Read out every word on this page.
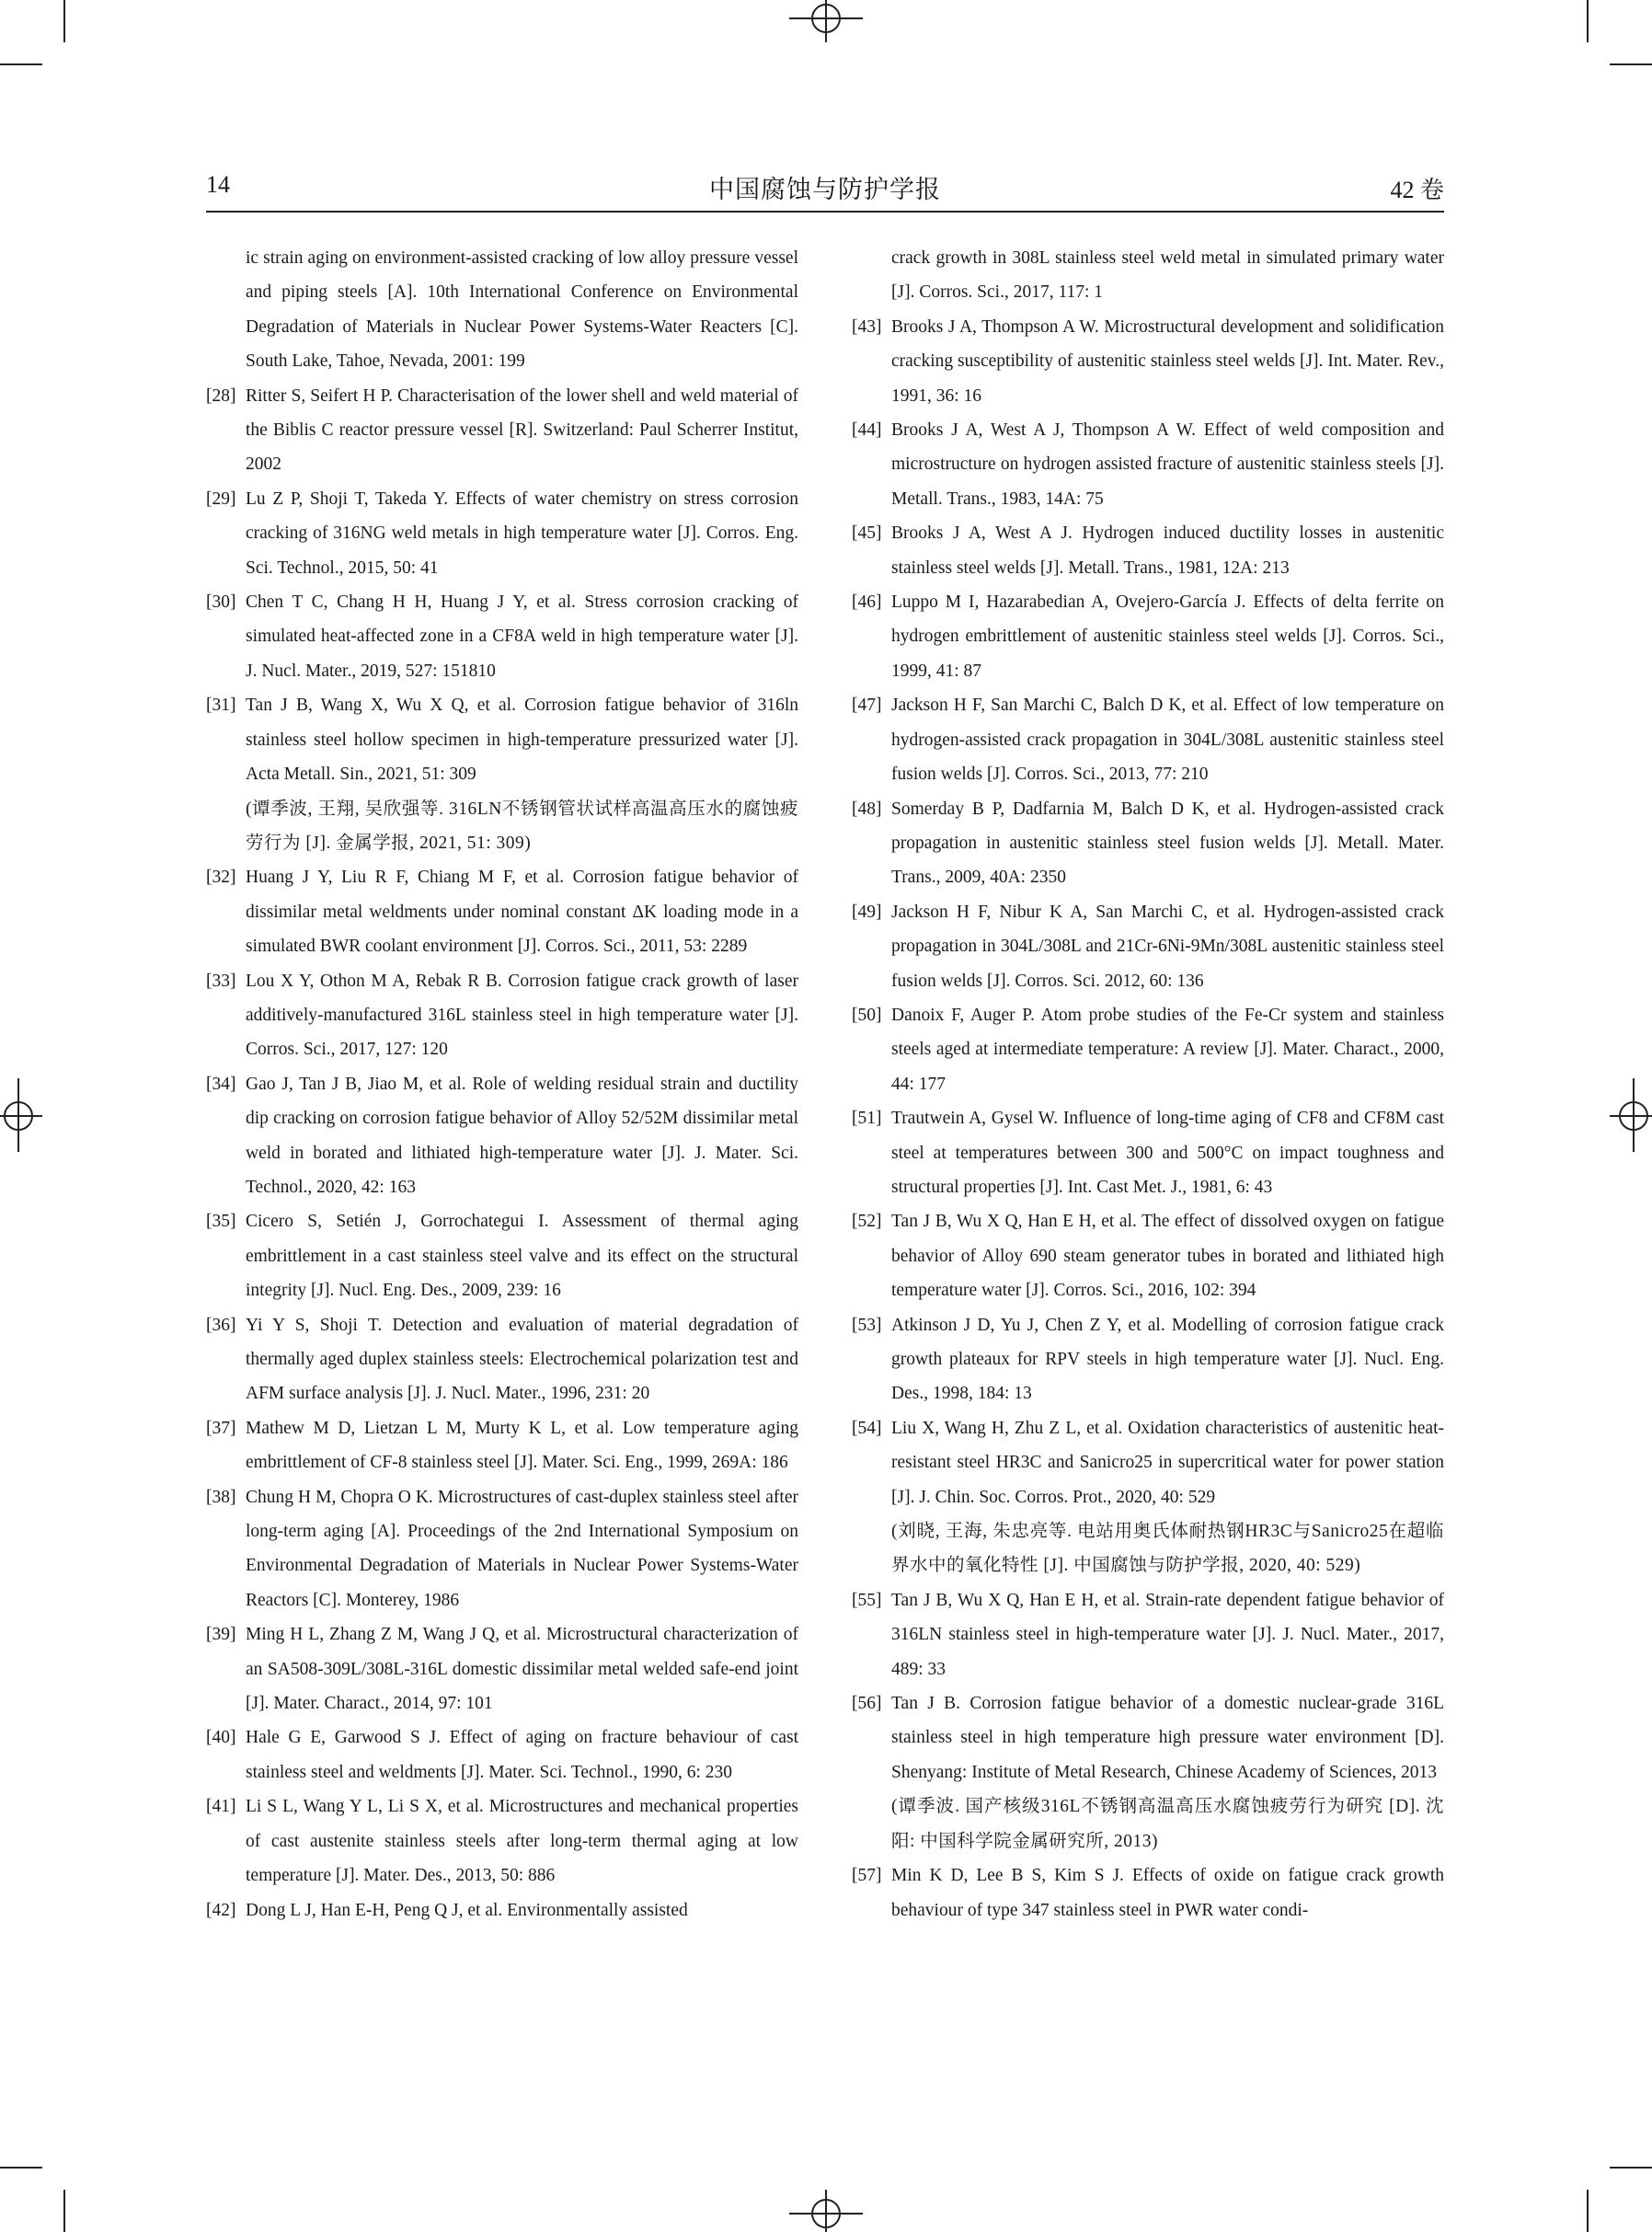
14	中国腐蚀与防护学报	42 卷
ic strain aging on environment-assisted cracking of low alloy pressure vessel and piping steels [A]. 10th International Conference on Environmental Degradation of Materials in Nuclear Power Systems-Water Reacters [C]. South Lake, Tahoe, Nevada, 2001: 199
[28] Ritter S, Seifert H P. Characterisation of the lower shell and weld material of the Biblis C reactor pressure vessel [R]. Switzerland: Paul Scherrer Institut, 2002
[29] Lu Z P, Shoji T, Takeda Y. Effects of water chemistry on stress corrosion cracking of 316NG weld metals in high temperature water [J]. Corros. Eng. Sci. Technol., 2015, 50: 41
[30] Chen T C, Chang H H, Huang J Y, et al. Stress corrosion cracking of simulated heat-affected zone in a CF8A weld in high temperature water [J]. J. Nucl. Mater., 2019, 527: 151810
[31] Tan J B, Wang X, Wu X Q, et al. Corrosion fatigue behavior of 316ln stainless steel hollow specimen in high-temperature pressurized water [J]. Acta Metall. Sin., 2021, 51: 309
(谭季波, 王翔, 吴欣强等. 316LN不锈钢管状试样高温高压水的腐蚀疲劳行为 [J]. 金属学报, 2021, 51: 309)
[32] Huang J Y, Liu R F, Chiang M F, et al. Corrosion fatigue behavior of dissimilar metal weldments under nominal constant ΔK loading mode in a simulated BWR coolant environment [J]. Corros. Sci., 2011, 53: 2289
[33] Lou X Y, Othon M A, Rebak R B. Corrosion fatigue crack growth of laser additively-manufactured 316L stainless steel in high temperature water [J]. Corros. Sci., 2017, 127: 120
[34] Gao J, Tan J B, Jiao M, et al. Role of welding residual strain and ductility dip cracking on corrosion fatigue behavior of Alloy 52/52M dissimilar metal weld in borated and lithiated high-temperature water [J]. J. Mater. Sci. Technol., 2020, 42: 163
[35] Cicero S, Setién J, Gorrochategui I. Assessment of thermal aging embrittlement in a cast stainless steel valve and its effect on the structural integrity [J]. Nucl. Eng. Des., 2009, 239: 16
[36] Yi Y S, Shoji T. Detection and evaluation of material degradation of thermally aged duplex stainless steels: Electrochemical polarization test and AFM surface analysis [J]. J. Nucl. Mater., 1996, 231: 20
[37] Mathew M D, Lietzan L M, Murty K L, et al. Low temperature aging embrittlement of CF-8 stainless steel [J]. Mater. Sci. Eng., 1999, 269A: 186
[38] Chung H M, Chopra O K. Microstructures of cast-duplex stainless steel after long-term aging [A]. Proceedings of the 2nd International Symposium on Environmental Degradation of Materials in Nuclear Power Systems-Water Reactors [C]. Monterey, 1986
[39] Ming H L, Zhang Z M, Wang J Q, et al. Microstructural characterization of an SA508-309L/308L-316L domestic dissimilar metal welded safe-end joint [J]. Mater. Charact., 2014, 97: 101
[40] Hale G E, Garwood S J. Effect of aging on fracture behaviour of cast stainless steel and weldments [J]. Mater. Sci. Technol., 1990, 6: 230
[41] Li S L, Wang Y L, Li S X, et al. Microstructures and mechanical properties of cast austenite stainless steels after long-term thermal aging at low temperature [J]. Mater. Des., 2013, 50: 886
[42] Dong L J, Han E-H, Peng Q J, et al. Environmentally assisted
crack growth in 308L stainless steel weld metal in simulated primary water [J]. Corros. Sci., 2017, 117: 1
[43] Brooks J A, Thompson A W. Microstructural development and solidification cracking susceptibility of austenitic stainless steel welds [J]. Int. Mater. Rev., 1991, 36: 16
[44] Brooks J A, West A J, Thompson A W. Effect of weld composition and microstructure on hydrogen assisted fracture of austenitic stainless steels [J]. Metall. Trans., 1983, 14A: 75
[45] Brooks J A, West A J. Hydrogen induced ductility losses in austenitic stainless steel welds [J]. Metall. Trans., 1981, 12A: 213
[46] Luppo M I, Hazarabedian A, Ovejero-García J. Effects of delta ferrite on hydrogen embrittlement of austenitic stainless steel welds [J]. Corros. Sci., 1999, 41: 87
[47] Jackson H F, San Marchi C, Balch D K, et al. Effect of low temperature on hydrogen-assisted crack propagation in 304L/308L austenitic stainless steel fusion welds [J]. Corros. Sci., 2013, 77: 210
[48] Somerday B P, Dadfarnia M, Balch D K, et al. Hydrogen-assisted crack propagation in austenitic stainless steel fusion welds [J]. Metall. Mater. Trans., 2009, 40A: 2350
[49] Jackson H F, Nibur K A, San Marchi C, et al. Hydrogen-assisted crack propagation in 304L/308L and 21Cr-6Ni-9Mn/308L austenitic stainless steel fusion welds [J]. Corros. Sci. 2012, 60: 136
[50] Danoix F, Auger P. Atom probe studies of the Fe-Cr system and stainless steels aged at intermediate temperature: A review [J]. Mater. Charact., 2000, 44: 177
[51] Trautwein A, Gysel W. Influence of long-time aging of CF8 and CF8M cast steel at temperatures between 300 and 500°C on impact toughness and structural properties [J]. Int. Cast Met. J., 1981, 6: 43
[52] Tan J B, Wu X Q, Han E H, et al. The effect of dissolved oxygen on fatigue behavior of Alloy 690 steam generator tubes in borated and lithiated high temperature water [J]. Corros. Sci., 2016, 102: 394
[53] Atkinson J D, Yu J, Chen Z Y, et al. Modelling of corrosion fatigue crack growth plateaux for RPV steels in high temperature water [J]. Nucl. Eng. Des., 1998, 184: 13
[54] Liu X, Wang H, Zhu Z L, et al. Oxidation characteristics of austenitic heat-resistant steel HR3C and Sanicro25 in supercritical water for power station [J]. J. Chin. Soc. Corros. Prot., 2020, 40: 529
(刘晓, 王海, 朱忠亮等. 电站用奥氏体耐热钢HR3C与Sanicro25在超临界水中的氧化特性 [J]. 中国腐蚀与防护学报, 2020, 40: 529)
[55] Tan J B, Wu X Q, Han E H, et al. Strain-rate dependent fatigue behavior of 316LN stainless steel in high-temperature water [J]. J. Nucl. Mater., 2017, 489: 33
[56] Tan J B. Corrosion fatigue behavior of a domestic nuclear-grade 316L stainless steel in high temperature high pressure water environment [D]. Shenyang: Institute of Metal Research, Chinese Academy of Sciences, 2013
(谭季波. 国产核级316L不锈钢高温高压水腐蚀疲劳行为研究 [D]. 沈阳: 中国科学院金属研究所, 2013)
[57] Min K D, Lee B S, Kim S J. Effects of oxide on fatigue crack growth behaviour of type 347 stainless steel in PWR water condi-
